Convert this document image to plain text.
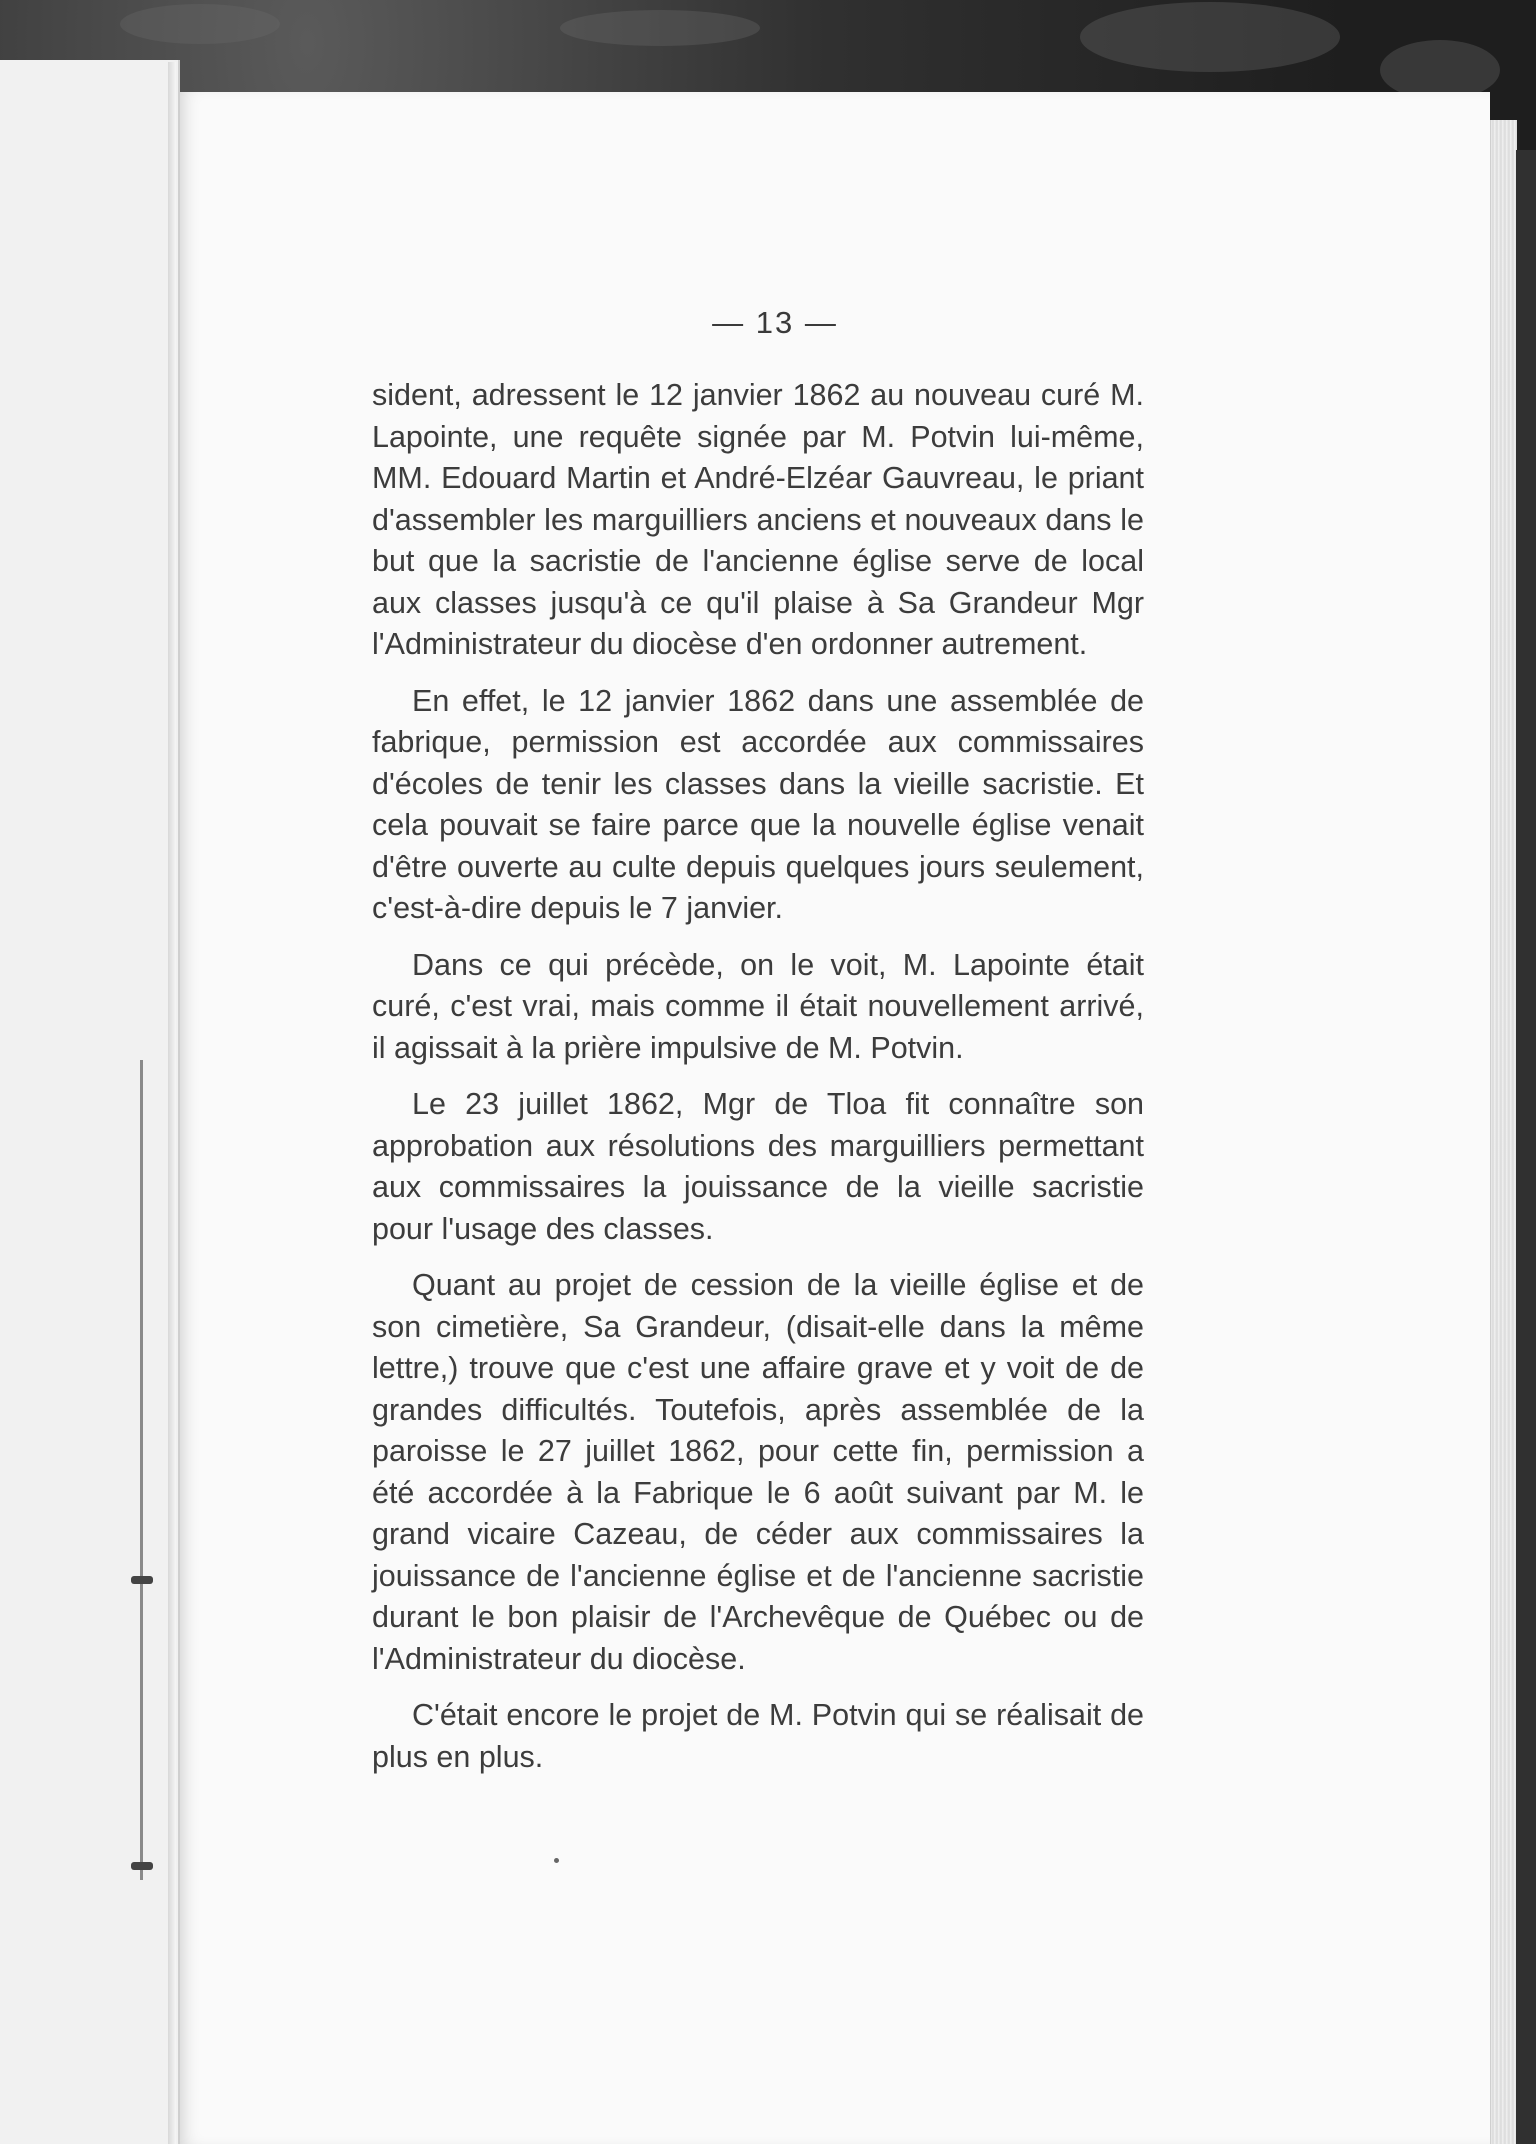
— 13 —

sident, adressent le 12 janvier 1862 au nouveau curé M. Lapointe, une requête signée par M. Potvin lui-même, MM. Edouard Martin et André-Elzéar Gauvreau, le priant d'assembler les marguilliers anciens et nouveaux dans le but que la sacristie de l'ancienne église serve de local aux classes jusqu'à ce qu'il plaise à Sa Grandeur Mgr l'Administrateur du diocèse d'en ordonner autrement.

En effet, le 12 janvier 1862 dans une assemblée de fabrique, permission est accordée aux commissaires d'écoles de tenir les classes dans la vieille sacristie. Et cela pouvait se faire parce que la nouvelle église venait d'être ouverte au culte depuis quelques jours seulement, c'est-à-dire depuis le 7 janvier.

Dans ce qui précède, on le voit, M. Lapointe était curé, c'est vrai, mais comme il était nouvellement arrivé, il agissait à la prière impulsive de M. Potvin.

Le 23 juillet 1862, Mgr de Tloa fit connaître son approbation aux résolutions des marguilliers permettant aux commissaires la jouissance de la vieille sacristie pour l'usage des classes.

Quant au projet de cession de la vieille église et de son cimetière, Sa Grandeur, (disait-elle dans la même lettre,) trouve que c'est une affaire grave et y voit de de grandes difficultés. Toutefois, après assemblée de la paroisse le 27 juillet 1862, pour cette fin, permission a été accordée à la Fabrique le 6 août suivant par M. le grand vicaire Cazeau, de céder aux commissaires la jouissance de l'ancienne église et de l'ancienne sacristie durant le bon plaisir de l'Archevêque de Québec ou de l'Administrateur du diocèse.

C'était encore le projet de M. Potvin qui se réalisait de plus en plus.
